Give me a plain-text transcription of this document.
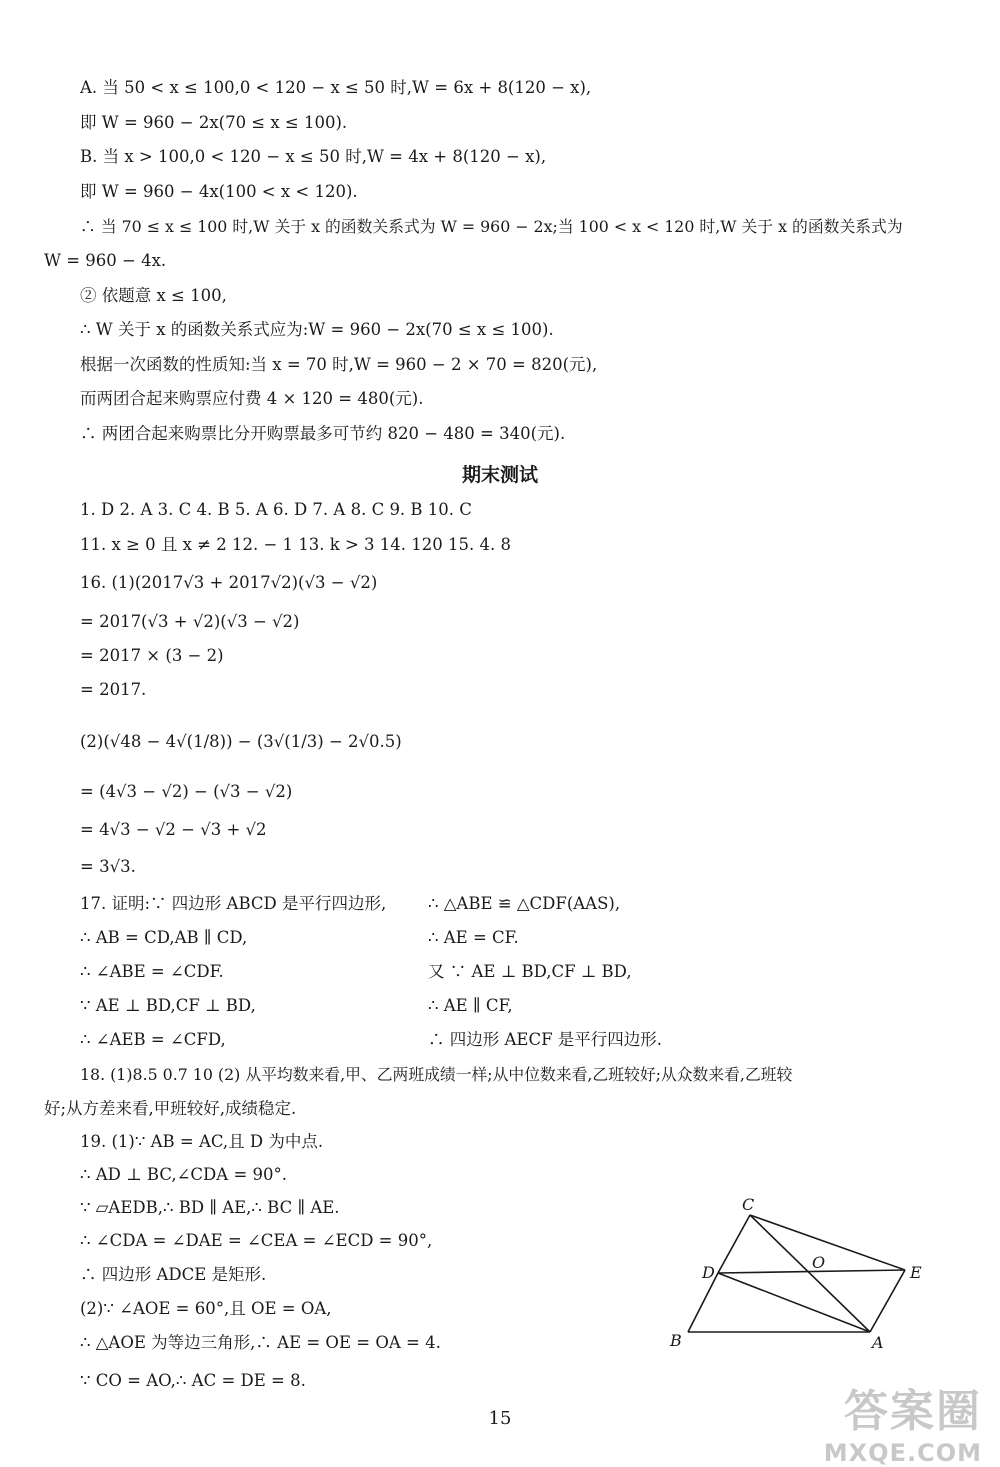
A. 当 50 < x ≤ 100,0 < 120 − x ≤ 50 时,W = 6x + 8(120 − x),
即 W = 960 − 2x(70 ≤ x ≤ 100).
B. 当 x > 100,0 < 120 − x ≤ 50 时,W = 4x + 8(120 − x),
即 W = 960 − 4x(100 < x < 120).
∴ 当 70 ≤ x ≤ 100 时,W 关于 x 的函数关系式为 W = 960 − 2x;当 100 < x < 120 时,W 关于 x 的函数关系式为
W = 960 − 4x.
② 依题意 x ≤ 100,
∴ W 关于 x 的函数关系式应为:W = 960 − 2x(70 ≤ x ≤ 100).
根据一次函数的性质知:当 x = 70 时,W = 960 − 2 × 70 = 820(元),
而两团合起来购票应付费 4 × 120 = 480(元).
∴ 两团合起来购票比分开购票最多可节约 820 − 480 = 340(元).
期末测试
1. D 2. A 3. C 4. B 5. A 6. D 7. A 8. C 9. B 10. C
11. x ≥ 0 且 x ≠ 2 12. − 1 13. k > 3 14. 120 15. 4. 8
16. (1)(2017√3 + 2017√2)(√3 − √2)
= 2017(√3 + √2)(√3 − √2)
= 2017 × (3 − 2)
= 2017.
(2)(√48 − 4√(1/8)) − (3√(1/3) − 2√0.5)
= (4√3 − √2) − (√3 − √2)
= 4√3 − √2 − √3 + √2
= 3√3.
17. 证明:∵ 四边形 ABCD 是平行四边形,
∴ AB = CD,AB ∥ CD,
∴ ∠ABE = ∠CDF.
∵ AE ⊥ BD,CF ⊥ BD,
∴ ∠AEB = ∠CFD,
∴ △ABE ≌ △CDF(AAS),
∴ AE = CF.
又 ∵ AE ⊥ BD,CF ⊥ BD,
∴ AE ∥ CF,
∴ 四边形 AECF 是平行四边形.
18. (1)8.5 0.7 10 (2) 从平均数来看,甲、乙两班成绩一样;从中位数来看,乙班较好;从众数来看,乙班较
好;从方差来看,甲班较好,成绩稳定.
19. (1)∵ AB = AC,且 D 为中点.
∴ AD ⊥ BC,∠CDA = 90°.
∵ ▱AEDB,∴ BD ∥ AE,∴ BC ∥ AE.
∴ ∠CDA = ∠DAE = ∠CEA = ∠ECD = 90°,
∴ 四边形 ADCE 是矩形.
(2)∵ ∠AOE = 60°,且 OE = OA,
∴ △AOE 为等边三角形,∴ AE = OE = OA = 4.
∵ CO = AO,∴ AC = DE = 8.
C
D
O
E
B	A
15	答案圈
MXQE.COM
